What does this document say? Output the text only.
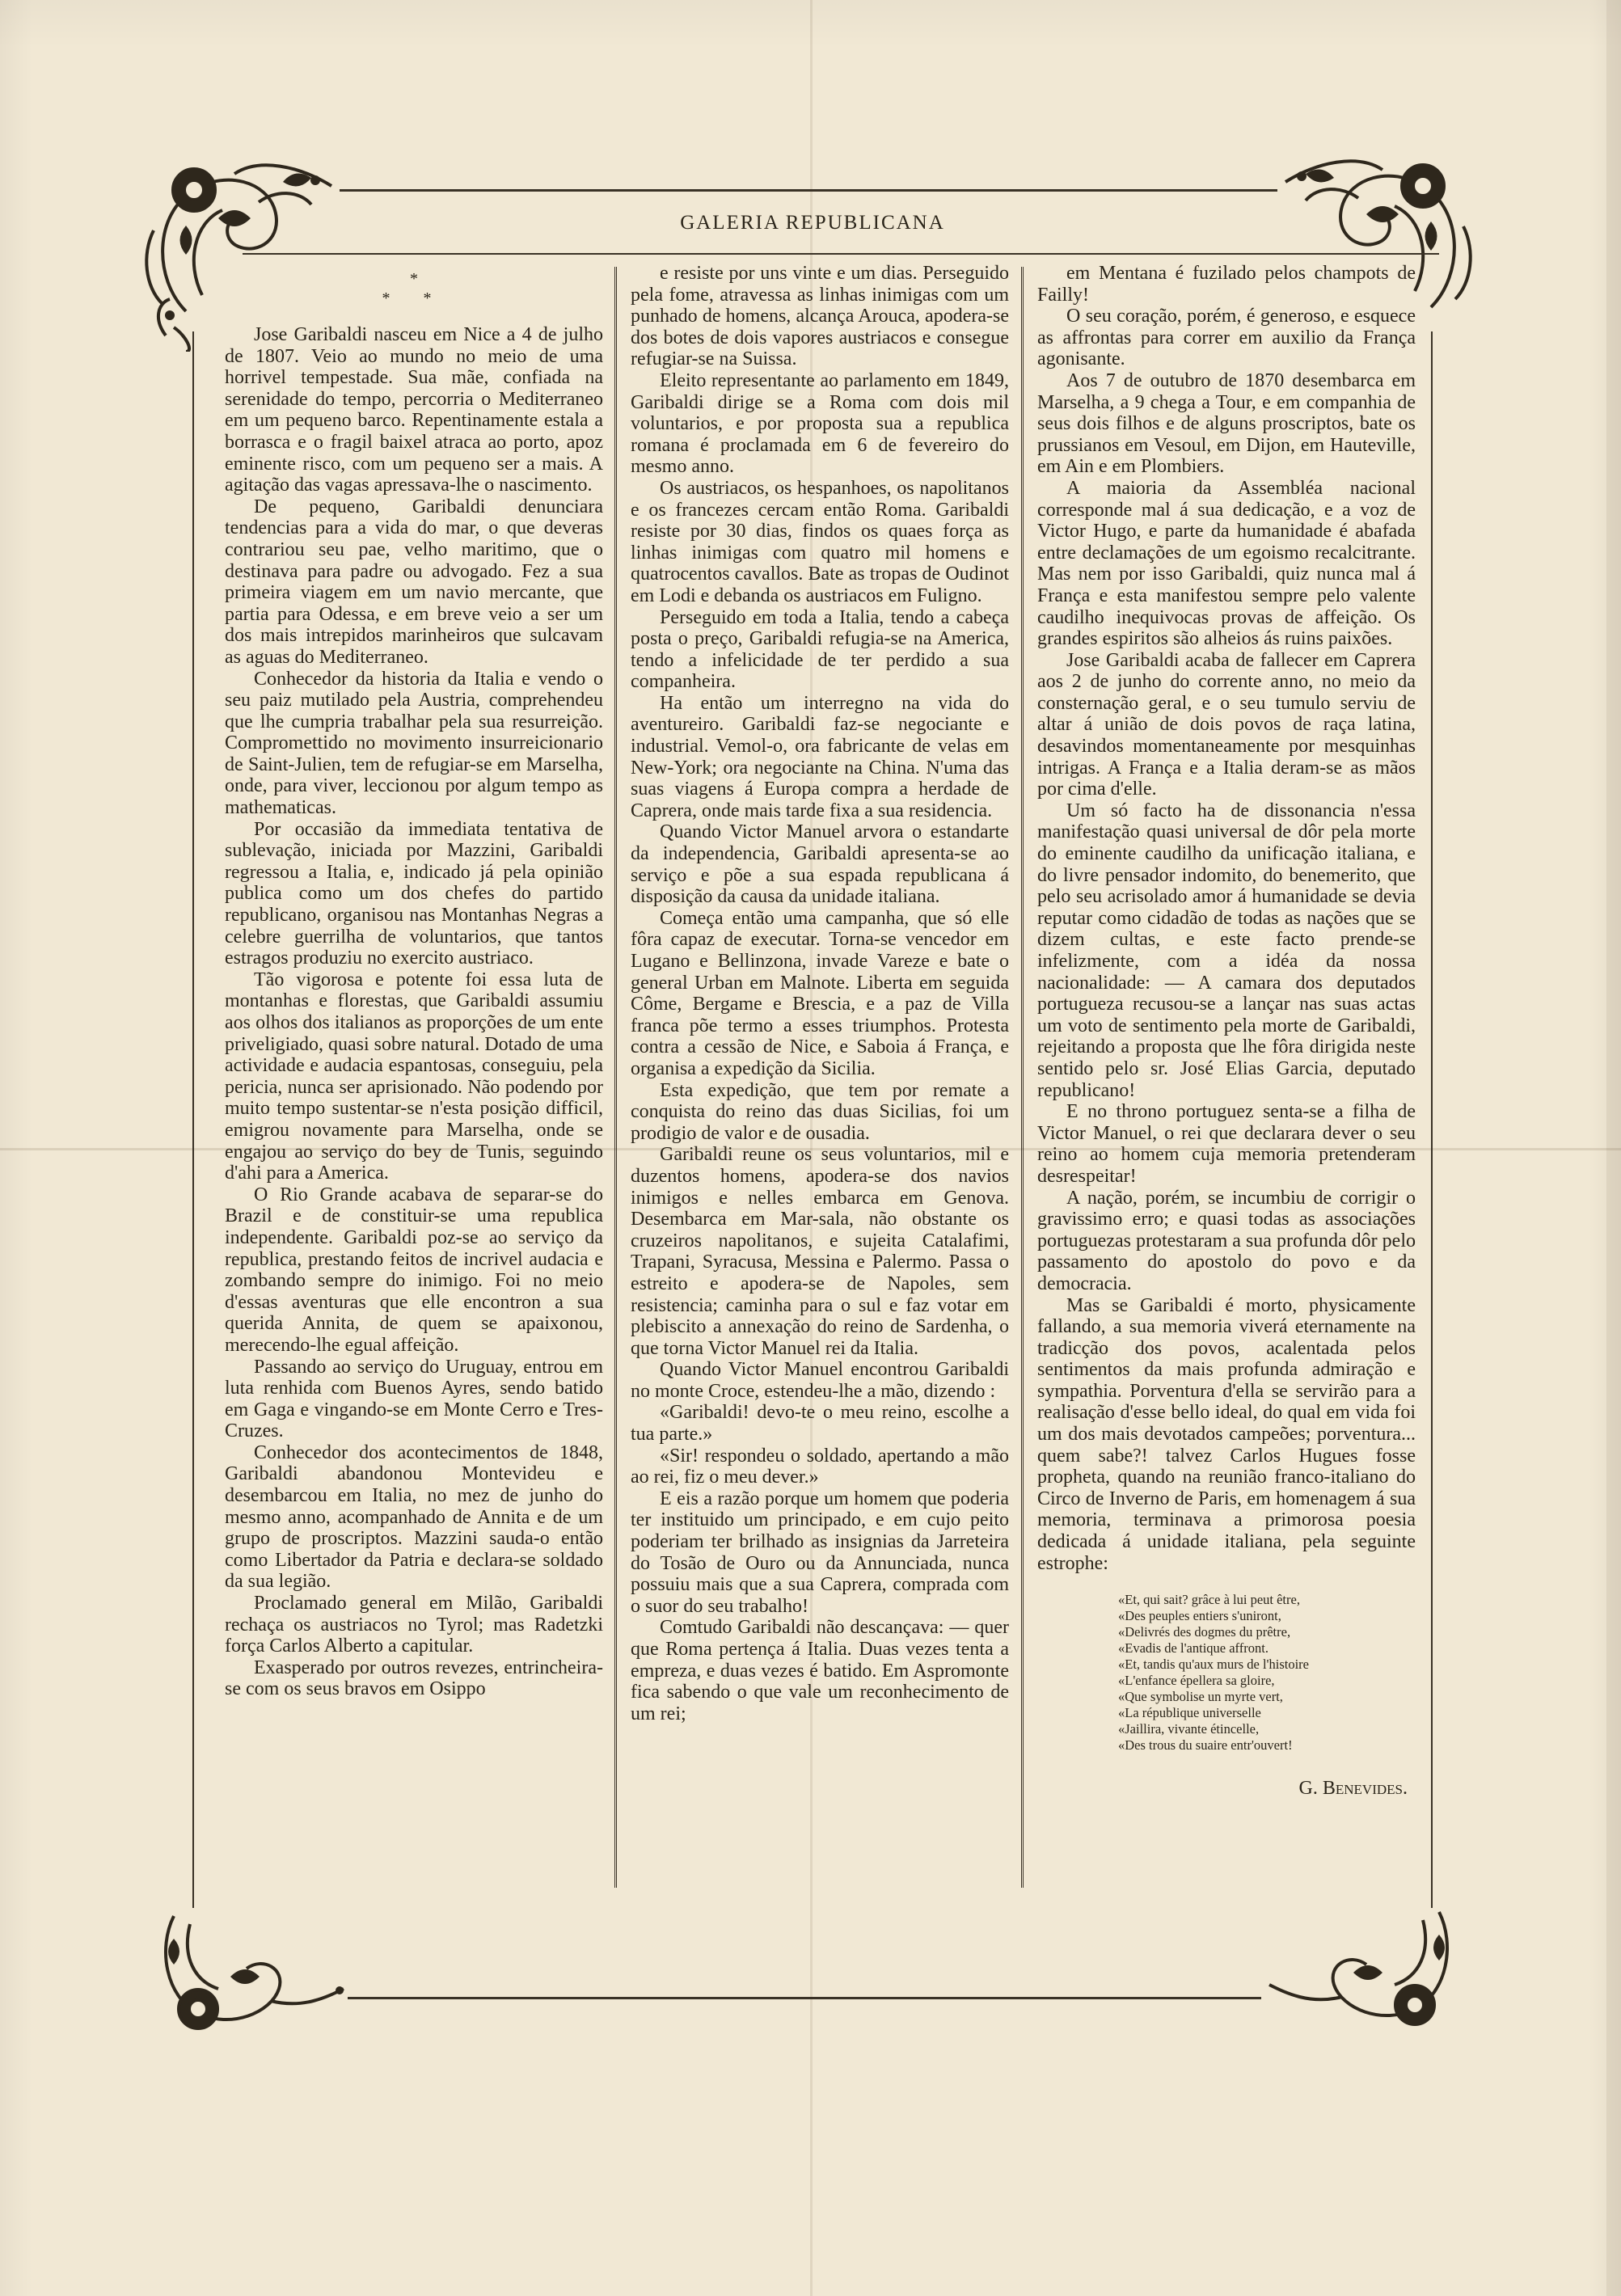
GALERIA REPUBLICANA
*
* *

Jose Garibaldi nasceu em Nice a 4 de julho de 1807. Veio ao mundo no meio de uma horrivel tempestade. Sua mãe, confiada na serenidade do tempo, percorria o Mediterraneo em um pequeno barco. Repentinamente estala a borrasca e o fragil baixel atraca ao porto, apoz eminente risco, com um pequeno ser a mais. A agitação das vagas apressava-lhe o nascimento.

De pequeno, Garibaldi denunciara tendencias para a vida do mar, o que deveras contrariou seu pae, velho maritimo, que o destinava para padre ou advogado. Fez a sua primeira viagem em um navio mercante, que partia para Odessa, e em breve veio a ser um dos mais intrepidos marinheiros que sulcavam as aguas do Mediterraneo.

Conhecedor da historia da Italia e vendo o seu paiz mutilado pela Austria, comprehendeu que lhe cumpria trabalhar pela sua resurreição. Compromettido no movimento insurreicionario de Saint-Julien, tem de refugiar-se em Marselha, onde, para viver, leccionou por algum tempo as mathematicas.

Por occasião da immediata tentativa de sublevação, iniciada por Mazzini, Garibaldi regressou a Italia, e, indicado já pela opinião publica como um dos chefes do partido republicano, organisou nas Montanhas Negras a celebre guerrilha de voluntarios, que tantos estragos produziu no exercito austriaco.

Tão vigorosa e potente foi essa luta de montanhas e florestas, que Garibaldi assumiu aos olhos dos italianos as proporções de um ente priveligiado, quasi sobre natural. Dotado de uma actividade e audacia espantosas, conseguiu, pela pericia, nunca ser aprisionado. Não podendo por muito tempo sustentar-se n'esta posição difficil, emigrou novamente para Marselha, onde se engajou ao serviço do bey de Tunis, seguindo d'ahi para a America.

O Rio Grande acabava de separar-se do Brazil e de constituir-se uma republica independente. Garibaldi poz-se ao serviço da republica, prestando feitos de incrivel audacia e zombando sempre do inimigo. Foi no meio d'essas aventuras que elle encontron a sua querida Annita, de quem se apaixonou, merecendo-lhe egual affeição.

Passando ao serviço do Uruguay, entrou em luta renhida com Buenos Ayres, sendo batido em Gaga e vingando-se em Monte Cerro e Tres-Cruzes.

Conhecedor dos acontecimentos de 1848, Garibaldi abandonou Montevideu e desembarcou em Italia, no mez de junho do mesmo anno, acompanhado de Annita e de um grupo de proscriptos. Mazzini sauda-o então como Libertador da Patria e declara-se soldado da sua legião.

Proclamado general em Milão, Garibaldi rechaça os austriacos no Tyrol; mas Radetzki força Carlos Alberto a capitular.

Exasperado por outros revezes, entrincheira-se com os seus bravos em Osippo

e resiste por uns vinte e um dias. Perseguido pela fome, atravessa as linhas inimigas com um punhado de homens, alcança Arouca, apodera-se dos botes de dois vapores austriacos e consegue refugiar-se na Suissa.

Eleito representante ao parlamento em 1849, Garibaldi dirige se a Roma com dois mil voluntarios, e por proposta sua a republica romana é proclamada em 6 de fevereiro do mesmo anno.

Os austriacos, os hespanhoes, os napolitanos e os francezes cercam então Roma. Garibaldi resiste por 30 dias, findos os quaes força as linhas inimigas com quatro mil homens e quatrocentos cavallos. Bate as tropas de Oudinot em Lodi e debanda os austriacos em Fuligno.

Perseguido em toda a Italia, tendo a cabeça posta o preço, Garibaldi refugia-se na America, tendo a infelicidade de ter perdido a sua companheira.

Ha então um interregno na vida do aventureiro. Garibaldi faz-se negociante e industrial. Vemol-o, ora fabricante de velas em New-York; ora negociante na China. N'uma das suas viagens á Europa compra a herdade de Caprera, onde mais tarde fixa a sua residencia.

Quando Victor Manuel arvora o estandarte da independencia, Garibaldi apresenta-se ao serviço e põe a sua espada republicana á disposição da causa da unidade italiana.

Começa então uma campanha, que só elle fôra capaz de executar. Torna-se vencedor em Lugano e Bellinzona, invade Vareze e bate o general Urban em Malnote. Liberta em seguida Côme, Bergame e Brescia, e a paz de Villa franca põe termo a esses triumphos. Protesta contra a cessão de Nice, e Saboia á França, e organisa a expedição da Sicilia.

Esta expedição, que tem por remate a conquista do reino das duas Sicilias, foi um prodigio de valor e de ousadia.

Garibaldi reune os seus voluntarios, mil e duzentos homens, apodera-se dos navios inimigos e nelles embarca em Genova. Desembarca em Mar-sala, não obstante os cruzeiros napolitanos, e sujeita Catalafimi, Trapani, Syracusa, Messina e Palermo. Passa o estreito e apodera-se de Napoles, sem resistencia; caminha para o sul e faz votar em plebiscito a annexação do reino de Sardenha, o que torna Victor Manuel rei da Italia.

Quando Victor Manuel encontrou Garibaldi no monte Croce, estendeu-lhe a mão, dizendo :

«Garibaldi! devo-te o meu reino, escolhe a tua parte.»

«Sir! respondeu o soldado, apertando a mão ao rei, fiz o meu dever.»

E eis a razão porque um homem que poderia ter instituido um principado, e em cujo peito poderiam ter brilhado as insignias da Jarreteira do Tosão de Ouro ou da Annunciada, nunca possuiu mais que a sua Caprera, comprada com o suor do seu trabalho!

Comtudo Garibaldi não descançava: — quer que Roma pertença á Italia. Duas vezes tenta a empreza, e duas vezes é batido. Em Aspromonte fica sabendo o que vale um reconhecimento de um rei;

em Mentana é fuzilado pelos champots de Failly!

O seu coração, porém, é generoso, e esquece as affrontas para correr em auxilio da França agonisante.

Aos 7 de outubro de 1870 desembarca em Marselha, a 9 chega a Tour, e em companhia de seus dois filhos e de alguns proscriptos, bate os prussianos em Vesoul, em Dijon, em Hauteville, em Ain e em Plombiers.

A maioria da Assembléa nacional corresponde mal á sua dedicação, e a voz de Victor Hugo, e parte da humanidade é abafada entre declamações de um egoismo recalcitrante. Mas nem por isso Garibaldi, quiz nunca mal á França e esta manifestou sempre pelo valente caudilho inequivocas provas de affeição. Os grandes espiritos são alheios ás ruins paixões.

Jose Garibaldi acaba de fallecer em Caprera aos 2 de junho do corrente anno, no meio da consternação geral, e o seu tumulo serviu de altar á união de dois povos de raça latina, desavindos momentaneamente por mesquinhas intrigas. A França e a Italia deram-se as mãos por cima d'elle.

Um só facto ha de dissonancia n'essa manifestação quasi universal de dôr pela morte do eminente caudilho da unificação italiana, e do livre pensador indomito, do benemerito, que pelo seu acrisolado amor á humanidade se devia reputar como cidadão de todas as nações que se dizem cultas, e este facto prende-se infelizmente, com a idéa da nossa nacionalidade: — A camara dos deputados portugueza recusou-se a lançar nas suas actas um voto de sentimento pela morte de Garibaldi, rejeitando a proposta que lhe fôra dirigida neste sentido pelo sr. José Elias Garcia, deputado republicano!

E no throno portuguez senta-se a filha de Victor Manuel, o rei que declarara dever o seu reino ao homem cuja memoria pretenderam desrespeitar!

A nação, porém, se incumbiu de corrigir o gravissimo erro; e quasi todas as associações portuguezas protestaram a sua profunda dôr pelo passamento do apostolo do povo e da democracia.

Mas se Garibaldi é morto, physicamente fallando, a sua memoria viverá eternamente na tradicção dos povos, acalentada pelos sentimentos da mais profunda admiração e sympathia. Porventura d'ella se servirão para a realisação d'esse bello ideal, do qual em vida foi um dos mais devotados campeões; porventura... quem sabe?! talvez Carlos Hugues fosse propheta, quando na reunião franco-italiano do Circo de Inverno de Paris, em homenagem á sua memoria, terminava a primorosa poesia dedicada á unidade italiana, pela seguinte estrophe:

«Et, qui sait? grâce à lui peut être,
«Des peuples entiers s'uniront,
«Delivrés des dogmes du prêtre,
«Evadis de l'antique affront.
«Et, tandis qu'aux murs de l'histoire
«L'enfance épellera sa gloire,
«Que symbolise un myrte vert,
«La république universelle
«Jaillira, vivante étincelle,
«Des trous du suaire entr'ouvert!
G. Benevides.
